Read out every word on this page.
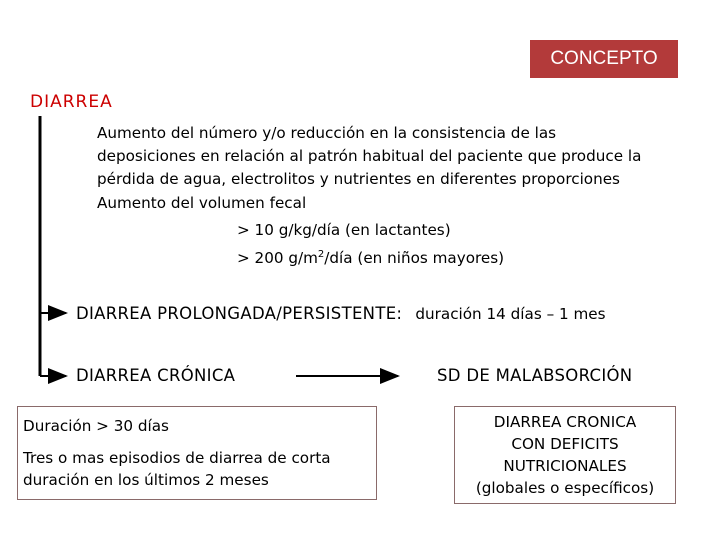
CONCEPTO
DIARREA
Aumento del número y/o reducción en la consistencia de las
deposiciones en relación al patrón habitual del paciente que produce la
pérdida de agua, electrolitos y nutrientes en diferentes proporciones
Aumento del volumen fecal
> 10 g/kg/día (en lactantes)
> 200 $g/m^2$/día (en niños mayores)
DIARREA PROLONGADA/PERSISTENTE: duración 14 días – 1 mes
DIARREA CRÓNICA	SD DE MALABSORCIÓN
Duración > 30 días
Tres o mas episodios de diarrea de corta
duración en los últimos 2 meses
DIARREA CRONICA
CON DEFICITS
NUTRICIONALES
(globales o específicos)
